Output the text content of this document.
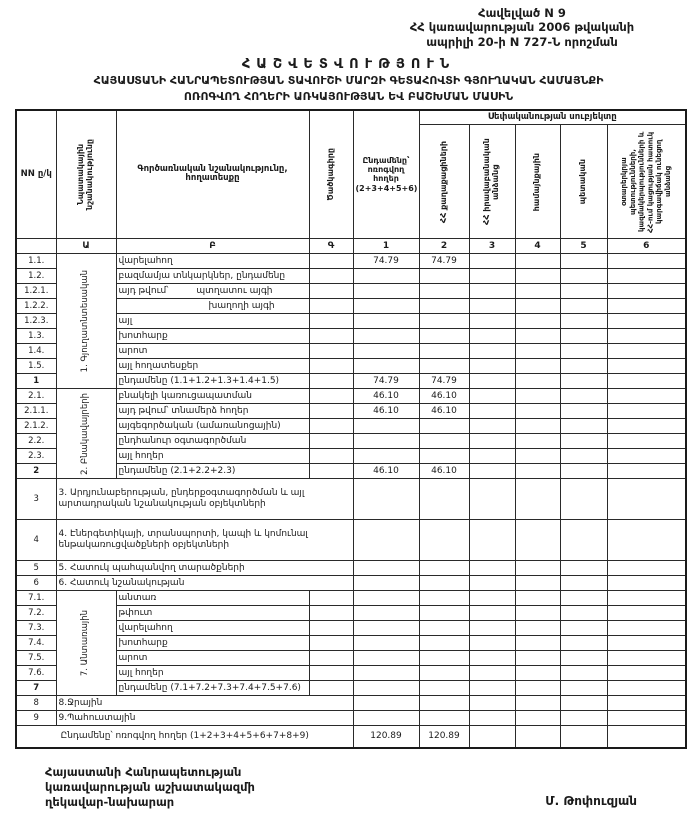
Հավելված N 9
ՀՀ կառավարության 2006 թվականի
ապրիլի 20-ի N 727-Ն որոշման
ՀԱՇՎԵՏՎՈՒԹՅՈՒՆ
ՀԱՅԱՍՏԱՆԻ ՀԱՆՐԱՊԵՏՈՒԹՅԱՆ ՏԱՎՈՒՇԻ ՄԱՐԶԻ ԳԵՏԱՀՈՎՏԻ ԳՅՈՒՂԱԿԱՆ ՀԱՄԱՅՆՔԻ
ՈՌՈԳՎՈՂ ՀՈՂԵՐԻ ԱՌԿԱՅՈՒԹՅԱՆ ԵՎ ԲԱՇԽՄԱՆ ՄԱՍԻՆ
NN ը/կ	Նպատակային նշանակությունը	Գործառնական նշանակությունը, հողատեսքը	Ծածկագիրը	Ընդամենը՝ ոռոգվող հողեր (2+3+4+5+6)	Սեփականության սուբյեկտը				

					ՀՀ քաղաքացիների	ՀՀ իրավաբանական անձանց	համայնքային	պետական	օտարերկրյա պետությունների, կազմակերպությունների և ՀՀ-ում կացության հատուկ կարգավիճակ ունեցող անձանց

	Ա	Բ	Գ	1	2	3	4	5	6
1.1.	1. Գյուղատնտեսական	վարելահող		74.79	74.79				
1.2.		բազմամյա տնկարկներ, ընդամենը							
1.2.1.		այդ թվում՝ պտղատու այգի							
1.2.2.		խաղողի այգի							
1.2.3.		այլ							
1.3.		խոտհարք							
1.4.		արոտ							
1.5.		այլ հողատեսքեր							
1		ընդամենը (1.1+1.2+1.3+1.4+1.5)		74.79	74.79				
2.1.	2. Բնակավայրերի	բնակելի կառուցապատման		46.10	46.10				
2.1.1.		այդ թվում՝ տնամերձ հողեր		46.10	46.10				
2.1.2.		այգեգործական (ամառանոցային)							
2.2.		ընդհանուր օգտագործման							
2.3.		այլ հողեր							
2		ընդամենը (2.1+2.2+2.3)		46.10	46.10				
3	3. Արդյունաբերության, ընդերքօգտագործման և այլ արտադրական նշանակության օբյեկտների								
4	4. Էներգետիկայի, տրանսպորտի, կապի և կոմունալ ենթակառուցվածքների օբյեկտների								
5	5. Հատուկ պահպանվող տարածքների								
6	6. Հատուկ նշանակության								
7.1.	7. Անտառային	անտառ							
7.2.		թփուտ							
7.3.		վարելահող							
7.4.		խոտհարք							
7.5.		արոտ							
7.6.		այլ հողեր							
7		ընդամենը (7.1+7.2+7.3+7.4+7.5+7.6)							
8	8.Ջրային								
9	9.Պահուստային								
Ընդամենը՝ ոռոգվող հողեր (1+2+3+4+5+6+7+8+9)				120.89	120.89				
Հայաստանի Հանրապետության
կառավարության աշխատակազմի
ղեկավար-նախարար	Մ. Թոփուզյան
